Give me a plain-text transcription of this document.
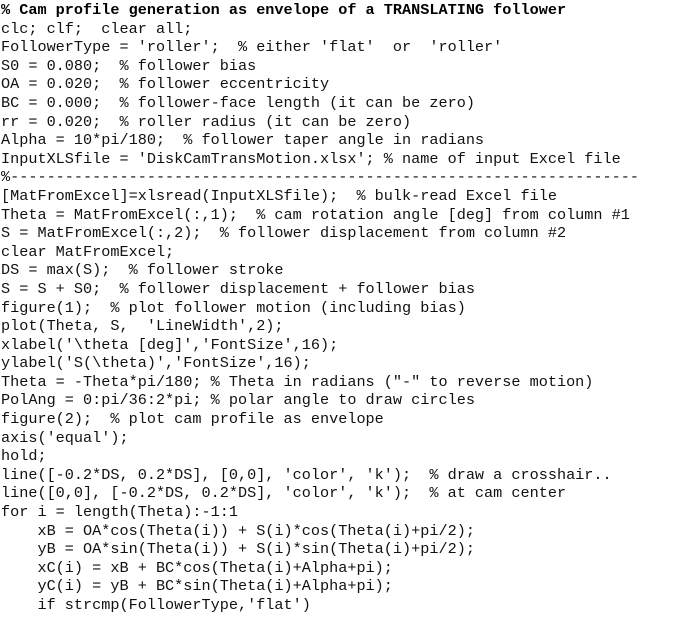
% Cam profile generation as envelope of a TRANSLATING follower
clc; clf;  clear all;
FollowerType = 'roller';  % either 'flat'  or  'roller'
S0 = 0.080;  % follower bias
OA = 0.020;  % follower eccentricity
BC = 0.000;  % follower-face length (it can be zero)
rr = 0.020;  % roller radius (it can be zero)
Alpha = 10*pi/180;  % follower taper angle in radians
InputXLSfile = 'DiskCamTransMotion.xlsx'; % name of input Excel file
%---------------------------------------------------------------------
[MatFromExcel]=xlsread(InputXLSfile);  % bulk-read Excel file
Theta = MatFromExcel(:,1);  % cam rotation angle [deg] from column #1
S = MatFromExcel(:,2);  % follower displacement from column #2
clear MatFromExcel;
DS = max(S);  % follower stroke
S = S + S0;  % follower displacement + follower bias
figure(1);  % plot follower motion (including bias)
plot(Theta, S,  'LineWidth',2);
xlabel('\theta [deg]','FontSize',16);
ylabel('S(\theta)','FontSize',16);
Theta = -Theta*pi/180; % Theta in radians ("-" to reverse motion)
PolAng = 0:pi/36:2*pi; % polar angle to draw circles
figure(2);  % plot cam profile as envelope
axis('equal');
hold;
line([-0.2*DS, 0.2*DS], [0,0], 'color', 'k');  % draw a crosshair..
line([0,0], [-0.2*DS, 0.2*DS], 'color', 'k');  % at cam center
for i = length(Theta):-1:1
xB = OA*cos(Theta(i)) + S(i)*cos(Theta(i)+pi/2);
yB = OA*sin(Theta(i)) + S(i)*sin(Theta(i)+pi/2);
xC(i) = xB + BC*cos(Theta(i)+Alpha+pi);
yC(i) = yB + BC*sin(Theta(i)+Alpha+pi);
if strcmp(FollowerType,'flat')
